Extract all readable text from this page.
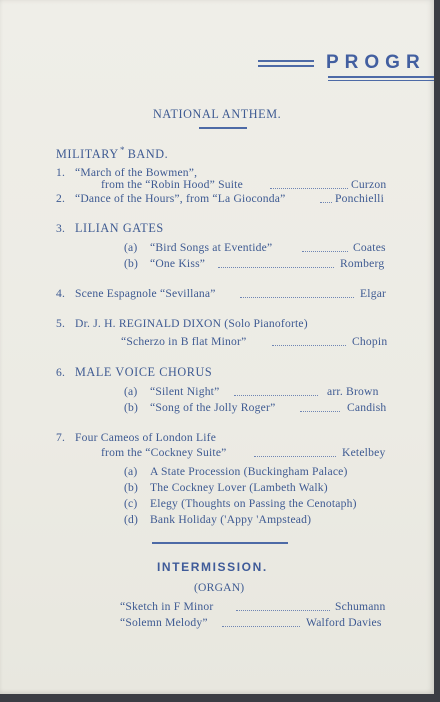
PROGR
NATIONAL ANTHEM.
MILITARY * BAND.
1. “March of the Bowmen”,
from the “Robin Hood” Suite	Curzon
2. “Dance of the Hours”, from “La Gioconda”	Ponchielli
3. LILIAN GATES
(a) “Bird Songs at Eventide”	Coates
(b) “One Kiss”	Romberg
4. Scene Espagnole “Sevillana”	Elgar
5. Dr. J. H. REGINALD DIXON (Solo Pianoforte)
“Scherzo in B flat Minor”	Chopin
6. MALE VOICE CHORUS
(a) “Silent Night”	arr. Brown
(b) “Song of the Jolly Roger”	Candish
7. Four Cameos of London Life
from the “Cockney Suite”	Ketelbey
(a) A State Procession (Buckingham Palace)
(b) The Cockney Lover (Lambeth Walk)
(c) Elegy (Thoughts on Passing the Cenotaph)
(d) Bank Holiday ('Appy 'Ampstead)
INTERMISSION.
(ORGAN)
“Sketch in F Minor	Schumann
“Solemn Melody”	Walford Davies
